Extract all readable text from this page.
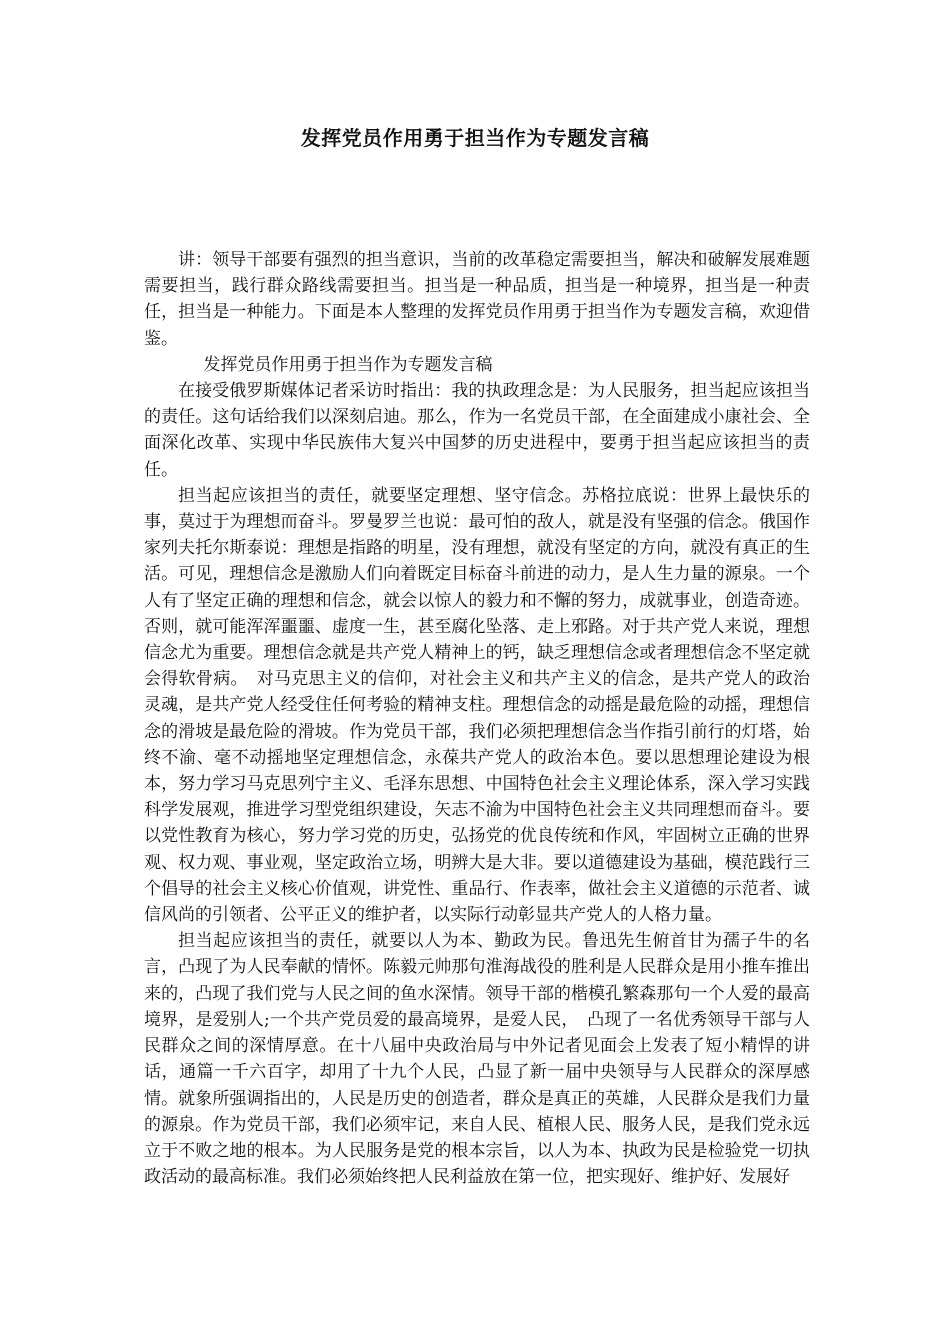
发挥党员作用勇于担当作为专题发言稿

讲：领导干部要有强烈的担当意识，当前的改革稳定需要担当，解决和破解发展难题需要担当，践行群众路线需要担当。担当是一种品质，担当是一种境界，担当是一种责任，担当是一种能力。下面是本人整理的发挥党员作用勇于担当作为专题发言稿，欢迎借鉴。

发挥党员作用勇于担当作为专题发言稿

在接受俄罗斯媒体记者采访时指出：我的执政理念是：为人民服务，担当起应该担当的责任。这句话给我们以深刻启迪。那么，作为一名党员干部，在全面建成小康社会、全面深化改革、实现中华民族伟大复兴中国梦的历史进程中，要勇于担当起应该担当的责任。

担当起应该担当的责任，就要坚定理想、坚守信念。苏格拉底说：世界上最快乐的事，莫过于为理想而奋斗。罗曼罗兰也说：最可怕的敌人，就是没有坚强的信念。俄国作家列夫托尔斯泰说：理想是指路的明星，没有理想，就没有坚定的方向，就没有真正的生活。可见，理想信念是激励人们向着既定目标奋斗前进的动力，是人生力量的源泉。一个人有了坚定正确的理想和信念，就会以惊人的毅力和不懈的努力，成就事业，创造奇迹。否则，就可能浑浑噩噩、虚度一生，甚至腐化坠落、走上邪路。对于共产党人来说，理想信念尤为重要。理想信念就是共产党人精神上的钙，缺乏理想信念或者理想信念不坚定就会得软骨病。　对马克思主义的信仰，对社会主义和共产主义的信念，是共产党人的政治灵魂，是共产党人经受住任何考验的精神支柱。理想信念的动摇是最危险的动摇，理想信念的滑坡是最危险的滑坡。作为党员干部，我们必须把理想信念当作指引前行的灯塔，始终不渝、毫不动摇地坚定理想信念，永葆共产党人的政治本色。要以思想理论建设为根本，努力学习马克思列宁主义、毛泽东思想、中国特色社会主义理论体系，深入学习实践科学发展观，推进学习型党组织建设，矢志不渝为中国特色社会主义共同理想而奋斗。要以党性教育为核心，努力学习党的历史，弘扬党的优良传统和作风，牢固树立正确的世界观、权力观、事业观，坚定政治立场，明辨大是大非。要以道德建设为基础，模范践行三个倡导的社会主义核心价值观，讲党性、重品行、作表率，做社会主义道德的示范者、诚信风尚的引领者、公平正义的维护者，以实际行动彰显共产党人的人格力量。

担当起应该担当的责任，就要以人为本、勤政为民。鲁迅先生俯首甘为孺子牛的名言，凸现了为人民奉献的情怀。陈毅元帅那句淮海战役的胜利是人民群众是用小推车推出来的，凸现了我们党与人民之间的鱼水深情。领导干部的楷模孔繁森那句一个人爱的最高境界，是爱别人;一个共产党员爱的最高境界，是爱人民，　凸现了一名优秀领导干部与人民群众之间的深情厚意。在十八届中央政治局与中外记者见面会上发表了短小精悍的讲话，通篇一千六百字，却用了十九个人民，凸显了新一届中央领导与人民群众的深厚感情。就象所强调指出的，人民是历史的创造者，群众是真正的英雄，人民群众是我们力量的源泉。作为党员干部，我们必须牢记，来自人民、植根人民、服务人民，是我们党永远立于不败之地的根本。为人民服务是党的根本宗旨，以人为本、执政为民是检验党一切执政活动的最高标准。我们必须始终把人民利益放在第一位，把实现好、维护好、发展好
